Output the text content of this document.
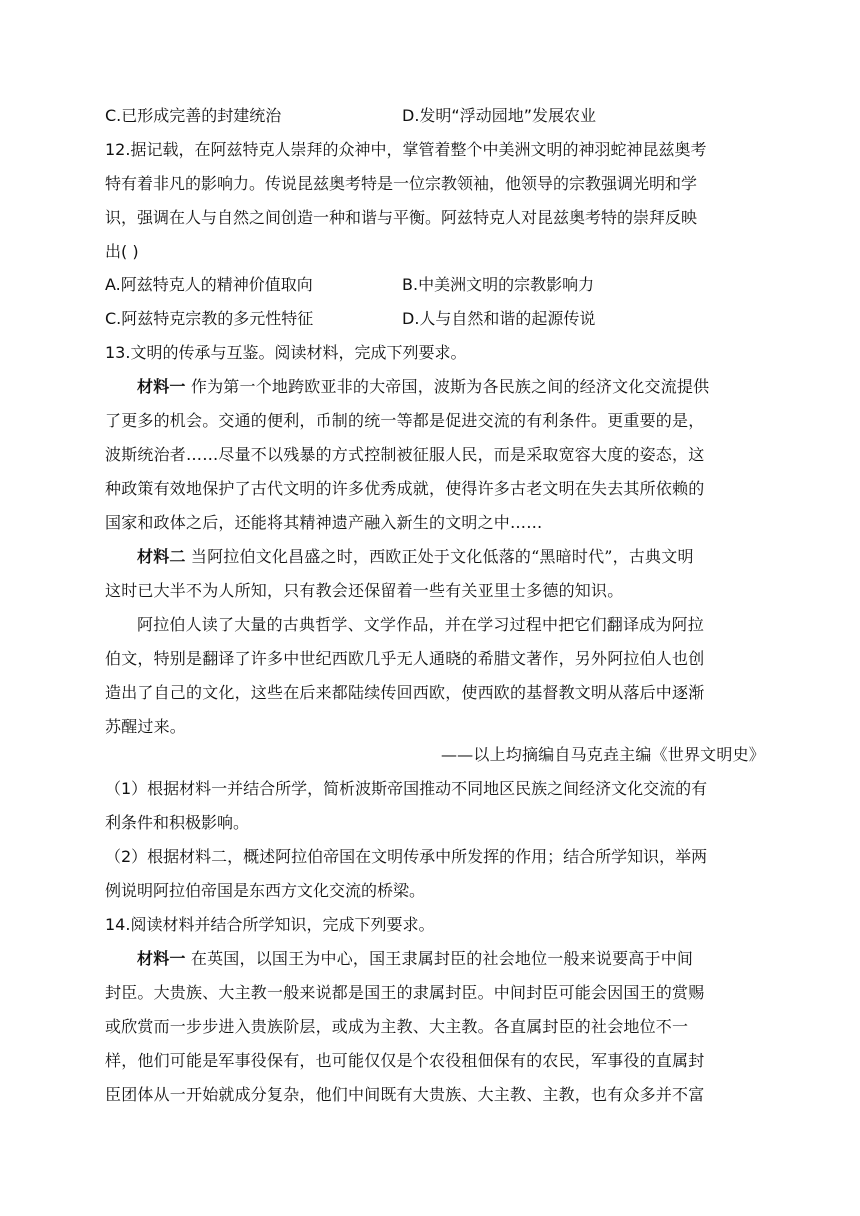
C.已形成完善的封建统治	D.发明“浮动园地”发展农业
12.据记载，在阿兹特克人崇拜的众神中，掌管着整个中美洲文明的神羽蛇神昆兹奥考
特有着非凡的影响力。传说昆兹奥考特是一位宗教领袖，他领导的宗教强调光明和学
识，强调在人与自然之间创造一种和谐与平衡。阿兹特克人对昆兹奥考特的崇拜反映
出( )
A.阿兹特克人的精神价值取向	B.中美洲文明的宗教影响力
C.阿兹特克宗教的多元性特征	D.人与自然和谐的起源传说
13.文明的传承与互鉴。阅读材料，完成下列要求。
材料一 作为第一个地跨欧亚非的大帝国，波斯为各民族之间的经济文化交流提供
了更多的机会。交通的便利，币制的统一等都是促进交流的有利条件。更重要的是，
波斯统治者……尽量不以残暴的方式控制被征服人民，而是采取宽容大度的姿态，这
种政策有效地保护了古代文明的许多优秀成就，使得许多古老文明在失去其所依赖的
国家和政体之后，还能将其精神遗产融入新生的文明之中……
材料二 当阿拉伯文化昌盛之时，西欧正处于文化低落的“黑暗时代”，古典文明
这时已大半不为人所知，只有教会还保留着一些有关亚里士多德的知识。
阿拉伯人读了大量的古典哲学、文学作品，并在学习过程中把它们翻译成为阿拉
伯文，特别是翻译了许多中世纪西欧几乎无人通晓的希腊文著作，另外阿拉伯人也创
造出了自己的文化，这些在后来都陆续传回西欧，使西欧的基督教文明从落后中逐渐
苏醒过来。
——以上均摘编自马克垚主编《世界文明史》
（1）根据材料一并结合所学，简析波斯帝国推动不同地区民族之间经济文化交流的有
利条件和积极影响。
（2）根据材料二，概述阿拉伯帝国在文明传承中所发挥的作用；结合所学知识，举两
例说明阿拉伯帝国是东西方文化交流的桥梁。
14.阅读材料并结合所学知识，完成下列要求。
材料一 在英国，以国王为中心，国王隶属封臣的社会地位一般来说要高于中间
封臣。大贵族、大主教一般来说都是国王的隶属封臣。中间封臣可能会因国王的赏赐
或欣赏而一步步进入贵族阶层，或成为主教、大主教。各直属封臣的社会地位不一
样，他们可能是军事役保有，也可能仅仅是个农役租佃保有的农民，军事役的直属封
臣团体从一开始就成分复杂，他们中间既有大贵族、大主教、主教，也有众多并不富
